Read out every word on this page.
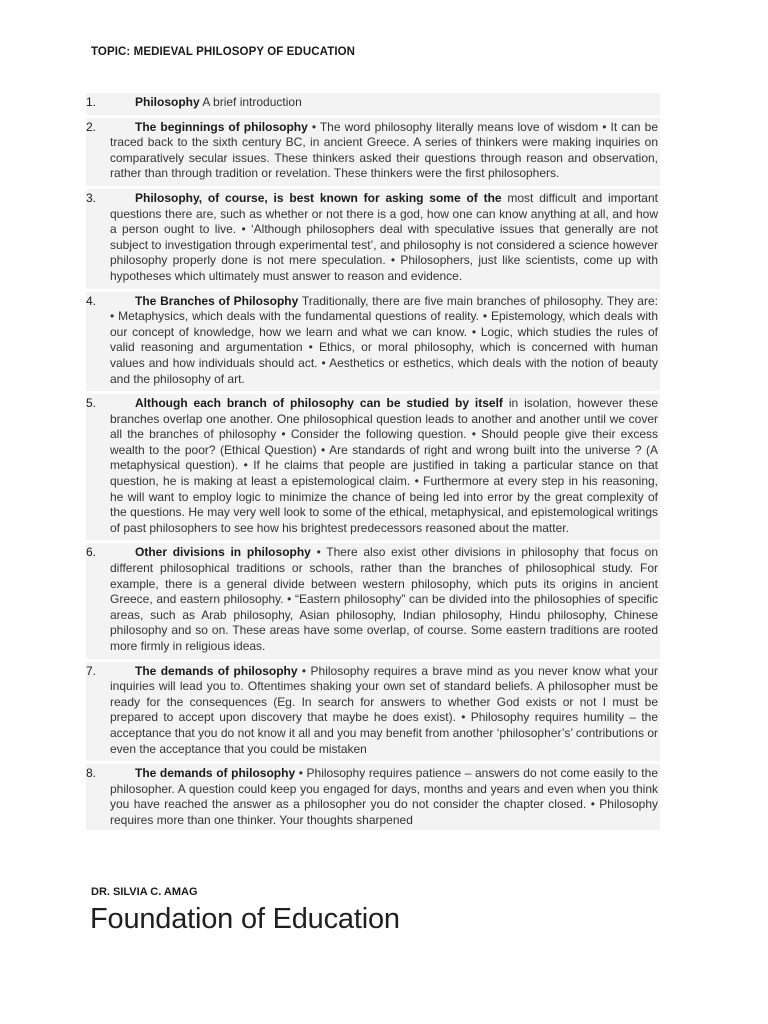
TOPIC: MEDIEVAL PHILOSOPY OF EDUCATION
1.	Philosophy A brief introduction
2.	The beginnings of philosophy • The word philosophy literally means love of wisdom • It can be traced back to the sixth century BC, in ancient Greece. A series of thinkers were making inquiries on comparatively secular issues. These thinkers asked their questions through reason and observation, rather than through tradition or revelation. These thinkers were the first philosophers.
3.	Philosophy, of course, is best known for asking some of the most difficult and important questions there are, such as whether or not there is a god, how one can know anything at all, and how a person ought to live. • ‘Although philosophers deal with speculative issues that generally are not subject to investigation through experimental test’, and philosophy is not considered a science however philosophy properly done is not mere speculation. • Philosophers, just like scientists, come up with hypotheses which ultimately must answer to reason and evidence.
4.	The Branches of Philosophy Traditionally, there are five main branches of philosophy. They are: • Metaphysics, which deals with the fundamental questions of reality. • Epistemology, which deals with our concept of knowledge, how we learn and what we can know. • Logic, which studies the rules of valid reasoning and argumentation • Ethics, or moral philosophy, which is concerned with human values and how individuals should act. • Aesthetics or esthetics, which deals with the notion of beauty and the philosophy of art.
5.	Although each branch of philosophy can be studied by itself in isolation, however these branches overlap one another. One philosophical question leads to another and another until we cover all the branches of philosophy • Consider the following question. • Should people give their excess wealth to the poor? (Ethical Question) • Are standards of right and wrong built into the universe ? (A metaphysical question). • If he claims that people are justified in taking a particular stance on that question, he is making at least a epistemological claim. • Furthermore at every step in his reasoning, he will want to employ logic to minimize the chance of being led into error by the great complexity of the questions. He may very well look to some of the ethical, metaphysical, and epistemological writings of past philosophers to see how his brightest predecessors reasoned about the matter.
6.	Other divisions in philosophy • There also exist other divisions in philosophy that focus on different philosophical traditions or schools, rather than the branches of philosophical study. For example, there is a general divide between western philosophy, which puts its origins in ancient Greece, and eastern philosophy. • “Eastern philosophy” can be divided into the philosophies of specific areas, such as Arab philosophy, Asian philosophy, Indian philosophy, Hindu philosophy, Chinese philosophy and so on. These areas have some overlap, of course. Some eastern traditions are rooted more firmly in religious ideas.
7.	The demands of philosophy • Philosophy requires a brave mind as you never know what your inquiries will lead you to. Oftentimes shaking your own set of standard beliefs. A philosopher must be ready for the consequences (Eg. In search for answers to whether God exists or not I must be prepared to accept upon discovery that maybe he does exist). • Philosophy requires humility – the acceptance that you do not know it all and you may benefit from another ‘philosopher’s’ contributions or even the acceptance that you could be mistaken
8.	The demands of philosophy • Philosophy requires patience – answers do not come easily to the philosopher. A question could keep you engaged for days, months and years and even when you think you have reached the answer as a philosopher you do not consider the chapter closed. • Philosophy requires more than one thinker. Your thoughts sharpened
DR. SILVIA C. AMAG
Foundation of Education
